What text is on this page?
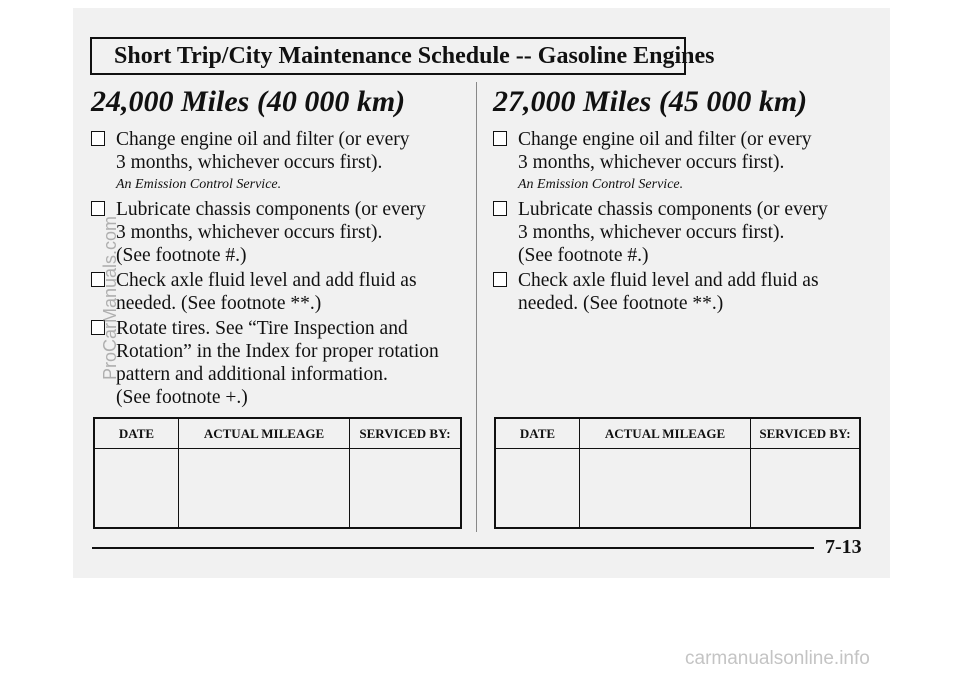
Short Trip/City Maintenance Schedule -- Gasoline Engines
24,000 Miles (40 000 km)
Change engine oil and filter (or every
3 months, whichever occurs first).
An Emission Control Service.
Lubricate chassis components (or every
3 months, whichever occurs first).
(See footnote #.)
Check axle fluid level and add fluid as
needed. (See footnote **.)
Rotate tires. See “Tire Inspection and
Rotation” in the Index for proper rotation
pattern and additional information.
(See footnote +.)
DATE	ACTUAL MILEAGE	SERVICED BY:
27,000 Miles (45 000 km)
Change engine oil and filter (or every
3 months, whichever occurs first).
An Emission Control Service.
Lubricate chassis components (or every
3 months, whichever occurs first).
(See footnote #.)
Check axle fluid level and add fluid as
needed. (See footnote **.)
DATE	ACTUAL MILEAGE	SERVICED BY:
7-13
ProCarManuals.com
carmanualsonline.info
